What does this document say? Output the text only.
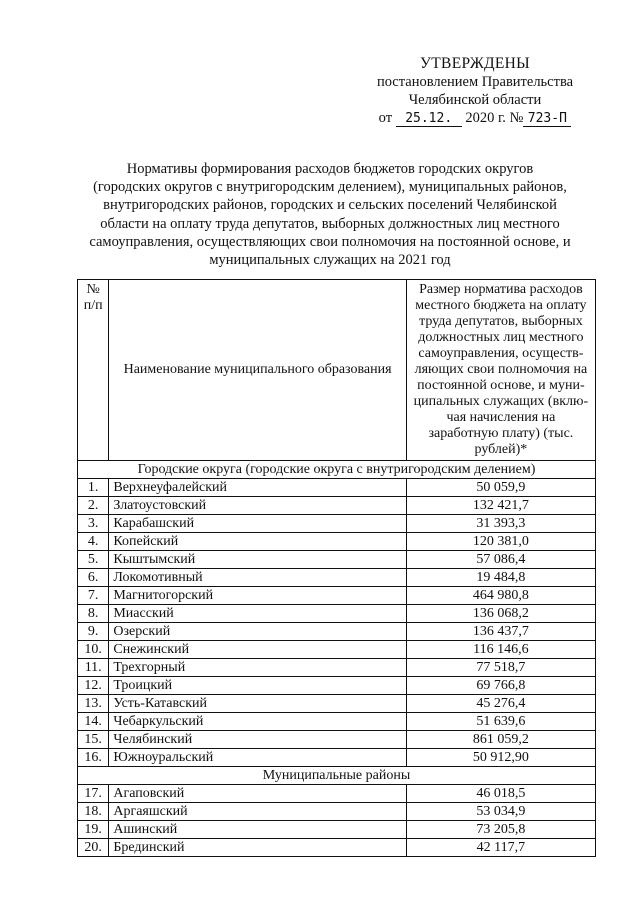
УТВЕРЖДЕНЫ
постановлением Правительства
Челябинской области
от 25.12. 2020 г. № 723-П
Нормативы формирования расходов бюджетов городских округов
(городских округов с внутригородским делением), муниципальных районов,
внутригородских районов, городских и сельских поселений Челябинской
области на оплату труда депутатов, выборных должностных лиц местного
самоуправления, осуществляющих свои полномочия на постоянной основе, и
муниципальных служащих на 2021 год
№ п/п	Наименование муниципального образования	Размер норматива расходов местного бюджета на оплату труда депутатов, выборных должностных лиц местного самоуправления, осуществ-ляющих свои полномочия на постоянной основе, и муни-ципальных служащих (вклю-чая начисления на заработную плату) (тыс. рублей)*
Городские округа (городские округа с внутригородским делением)		
1.	Верхнеуфалейский	50 059,9
2.	Златоустовский	132 421,7
3.	Карабашский	31 393,3
4.	Копейский	120 381,0
5.	Кыштымский	57 086,4
6.	Локомотивный	19 484,8
7.	Магнитогорский	464 980,8
8.	Миасский	136 068,2
9.	Озерский	136 437,7
10.	Снежинский	116 146,6
11.	Трехгорный	77 518,7
12.	Троицкий	69 766,8
13.	Усть-Катавский	45 276,4
14.	Чебаркульский	51 639,6
15.	Челябинский	861 059,2
16.	Южноуральский	50 912,90
Муниципальные районы		
17.	Агаповский	46 018,5
18.	Аргаяшский	53 034,9
19.	Ашинский	73 205,8
20.	Брединский	42 117,7
